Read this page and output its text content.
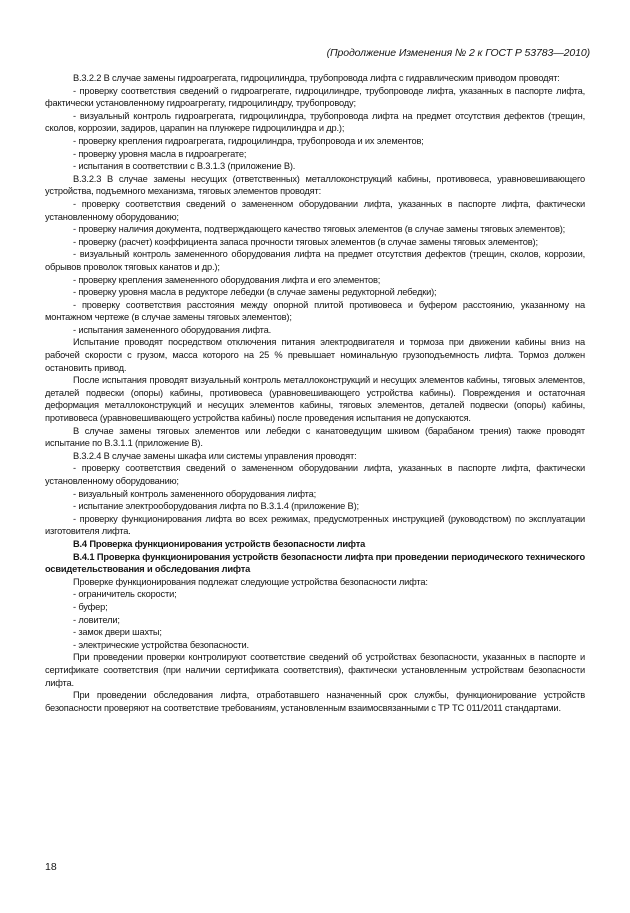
(Продолжение Изменения № 2 к ГОСТ Р 53783—2010)

В.3.2.2 В случае замены гидроагрегата, гидроцилиндра, трубопровода лифта с гидравлическим приводом проводят:

- проверку соответствия сведений о гидроагрегате, гидроцилиндре, трубопроводе лифта, указанных в паспорте лифта, фактически установленному гидроагрегату, гидроцилиндру, трубопроводу;

- визуальный контроль гидроагрегата, гидроцилиндра, трубопровода лифта на предмет отсутствия дефектов (трещин, сколов, коррозии, задиров, царапин на плунжере гидроцилиндра и др.);

- проверку крепления гидроагрегата, гидроцилиндра, трубопровода и их элементов;

- проверку уровня масла в гидроагрегате;

- испытания в соответствии с В.3.1.3 (приложение В).

В.3.2.3 В случае замены несущих (ответственных) металлоконструкций кабины, противовеса, уравновешивающего устройства, подъемного механизма, тяговых элементов проводят:

- проверку соответствия сведений о замененном оборудовании лифта, указанных в паспорте лифта, фактически установленному оборудованию;

- проверку наличия документа, подтверждающего качество тяговых элементов (в случае замены тяговых элементов);

- проверку (расчет) коэффициента запаса прочности тяговых элементов (в случае замены тяговых элементов);

- визуальный контроль замененного оборудования лифта на предмет отсутствия дефектов (трещин, сколов, коррозии, обрывов проволок тяговых канатов и др.);

- проверку крепления замененного оборудования лифта и его элементов;

- проверку уровня масла в редукторе лебедки (в случае замены редукторной лебедки);

- проверку соответствия расстояния между опорной плитой противовеса и буфером расстоянию, указанному на монтажном чертеже (в случае замены тяговых элементов);

- испытания замененного оборудования лифта.

Испытание проводят посредством отключения питания электродвигателя и тормоза при движении кабины вниз на рабочей скорости с грузом, масса которого на 25 % превышает номинальную грузоподъемность лифта. Тормоз должен остановить привод.

После испытания проводят визуальный контроль металлоконструкций и несущих элементов кабины, тяговых элементов, деталей подвески (опоры) кабины, противовеса (уравновешивающего устройства кабины). Повреждения и остаточная деформация металлоконструкций и несущих элементов кабины, тяговых элементов, деталей подвески (опоры) кабины, противовеса (уравновешивающего устройства кабины) после проведения испытания не допускаются.

В случае замены тяговых элементов или лебедки с канатоведущим шкивом (барабаном трения) также проводят испытание по В.3.1.1 (приложение В).

В.3.2.4 В случае замены шкафа или системы управления проводят:

- проверку соответствия сведений о замененном оборудовании лифта, указанных в паспорте лифта, фактически установленному оборудованию;

- визуальный контроль замененного оборудования лифта;

- испытание электрооборудования лифта по В.3.1.4 (приложение В);

- проверку функционирования лифта во всех режимах, предусмотренных инструкцией (руководством) по эксплуатации изготовителя лифта.

В.4 Проверка функционирования устройств безопасности лифта

В.4.1 Проверка функционирования устройств безопасности лифта при проведении периодического технического освидетельствования и обследования лифта

Проверке функционирования подлежат следующие устройства безопасности лифта:

- ограничитель скорости;

- буфер;

- ловители;

- замок двери шахты;

- электрические устройства безопасности.

При проведении проверки контролируют соответствие сведений об устройствах безопасности, указанных в паспорте и сертификате соответствия (при наличии сертификата соответствия), фактически установленным устройствам безопасности лифта.

При проведении обследования лифта, отработавшего назначенный срок службы, функционирование устройств безопасности проверяют на соответствие требованиям, установленным взаимосвязанными с ТР ТС 011/2011 стандартами.

18
